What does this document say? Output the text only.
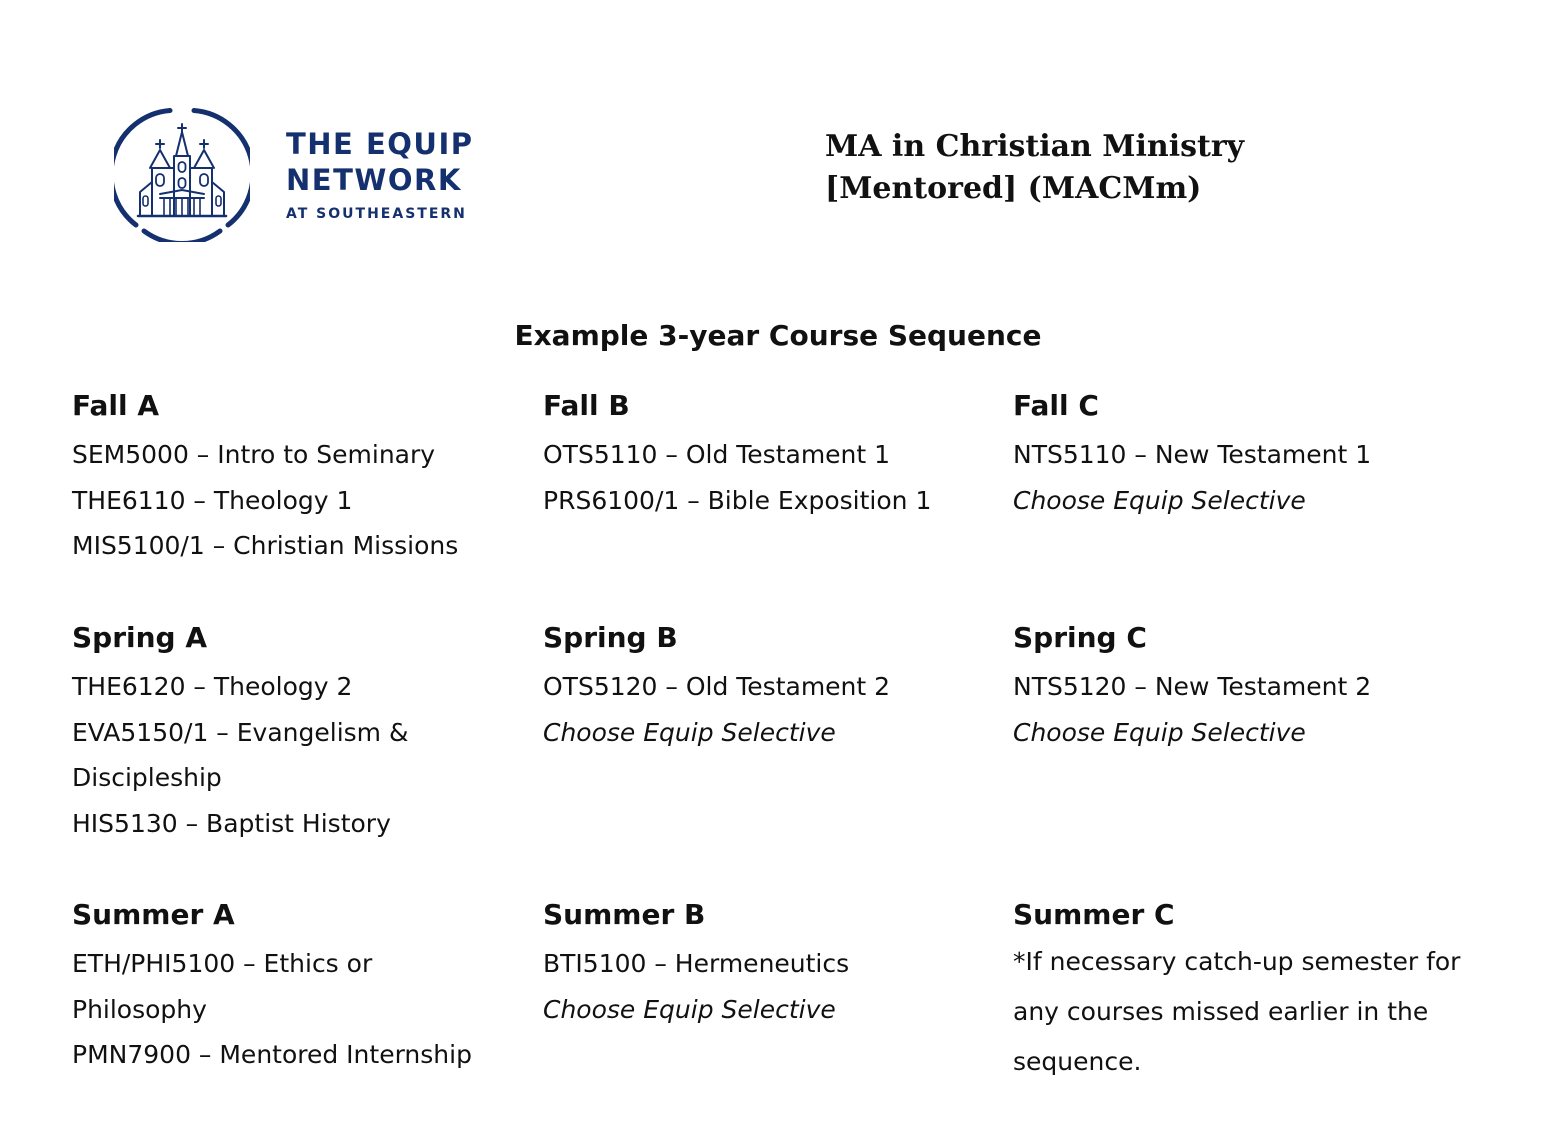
THE EQUIP
NETWORK
AT SOUTHEASTERN
MA in Christian Ministry
[Mentored] (MACMm)
Example 3-year Course Sequence
Fall A
SEM5000 – Intro to Seminary
THE6110 – Theology 1
MIS5100/1 – Christian Missions
Fall B
OTS5110 – Old Testament 1
PRS6100/1 – Bible Exposition 1
Fall C
NTS5110 – New Testament 1
Choose Equip Selective
Spring A
THE6120 – Theology 2
EVA5150/1 – Evangelism & Discipleship
HIS5130 – Baptist History
Spring B
OTS5120 – Old Testament 2
Choose Equip Selective
Spring C
NTS5120 – New Testament 2
Choose Equip Selective
Summer A
ETH/PHI5100 – Ethics or Philosophy
PMN7900 – Mentored Internship
Summer B
BTI5100 – Hermeneutics
Choose Equip Selective
Summer C
*If necessary catch-up semester for any courses missed earlier in the sequence.
